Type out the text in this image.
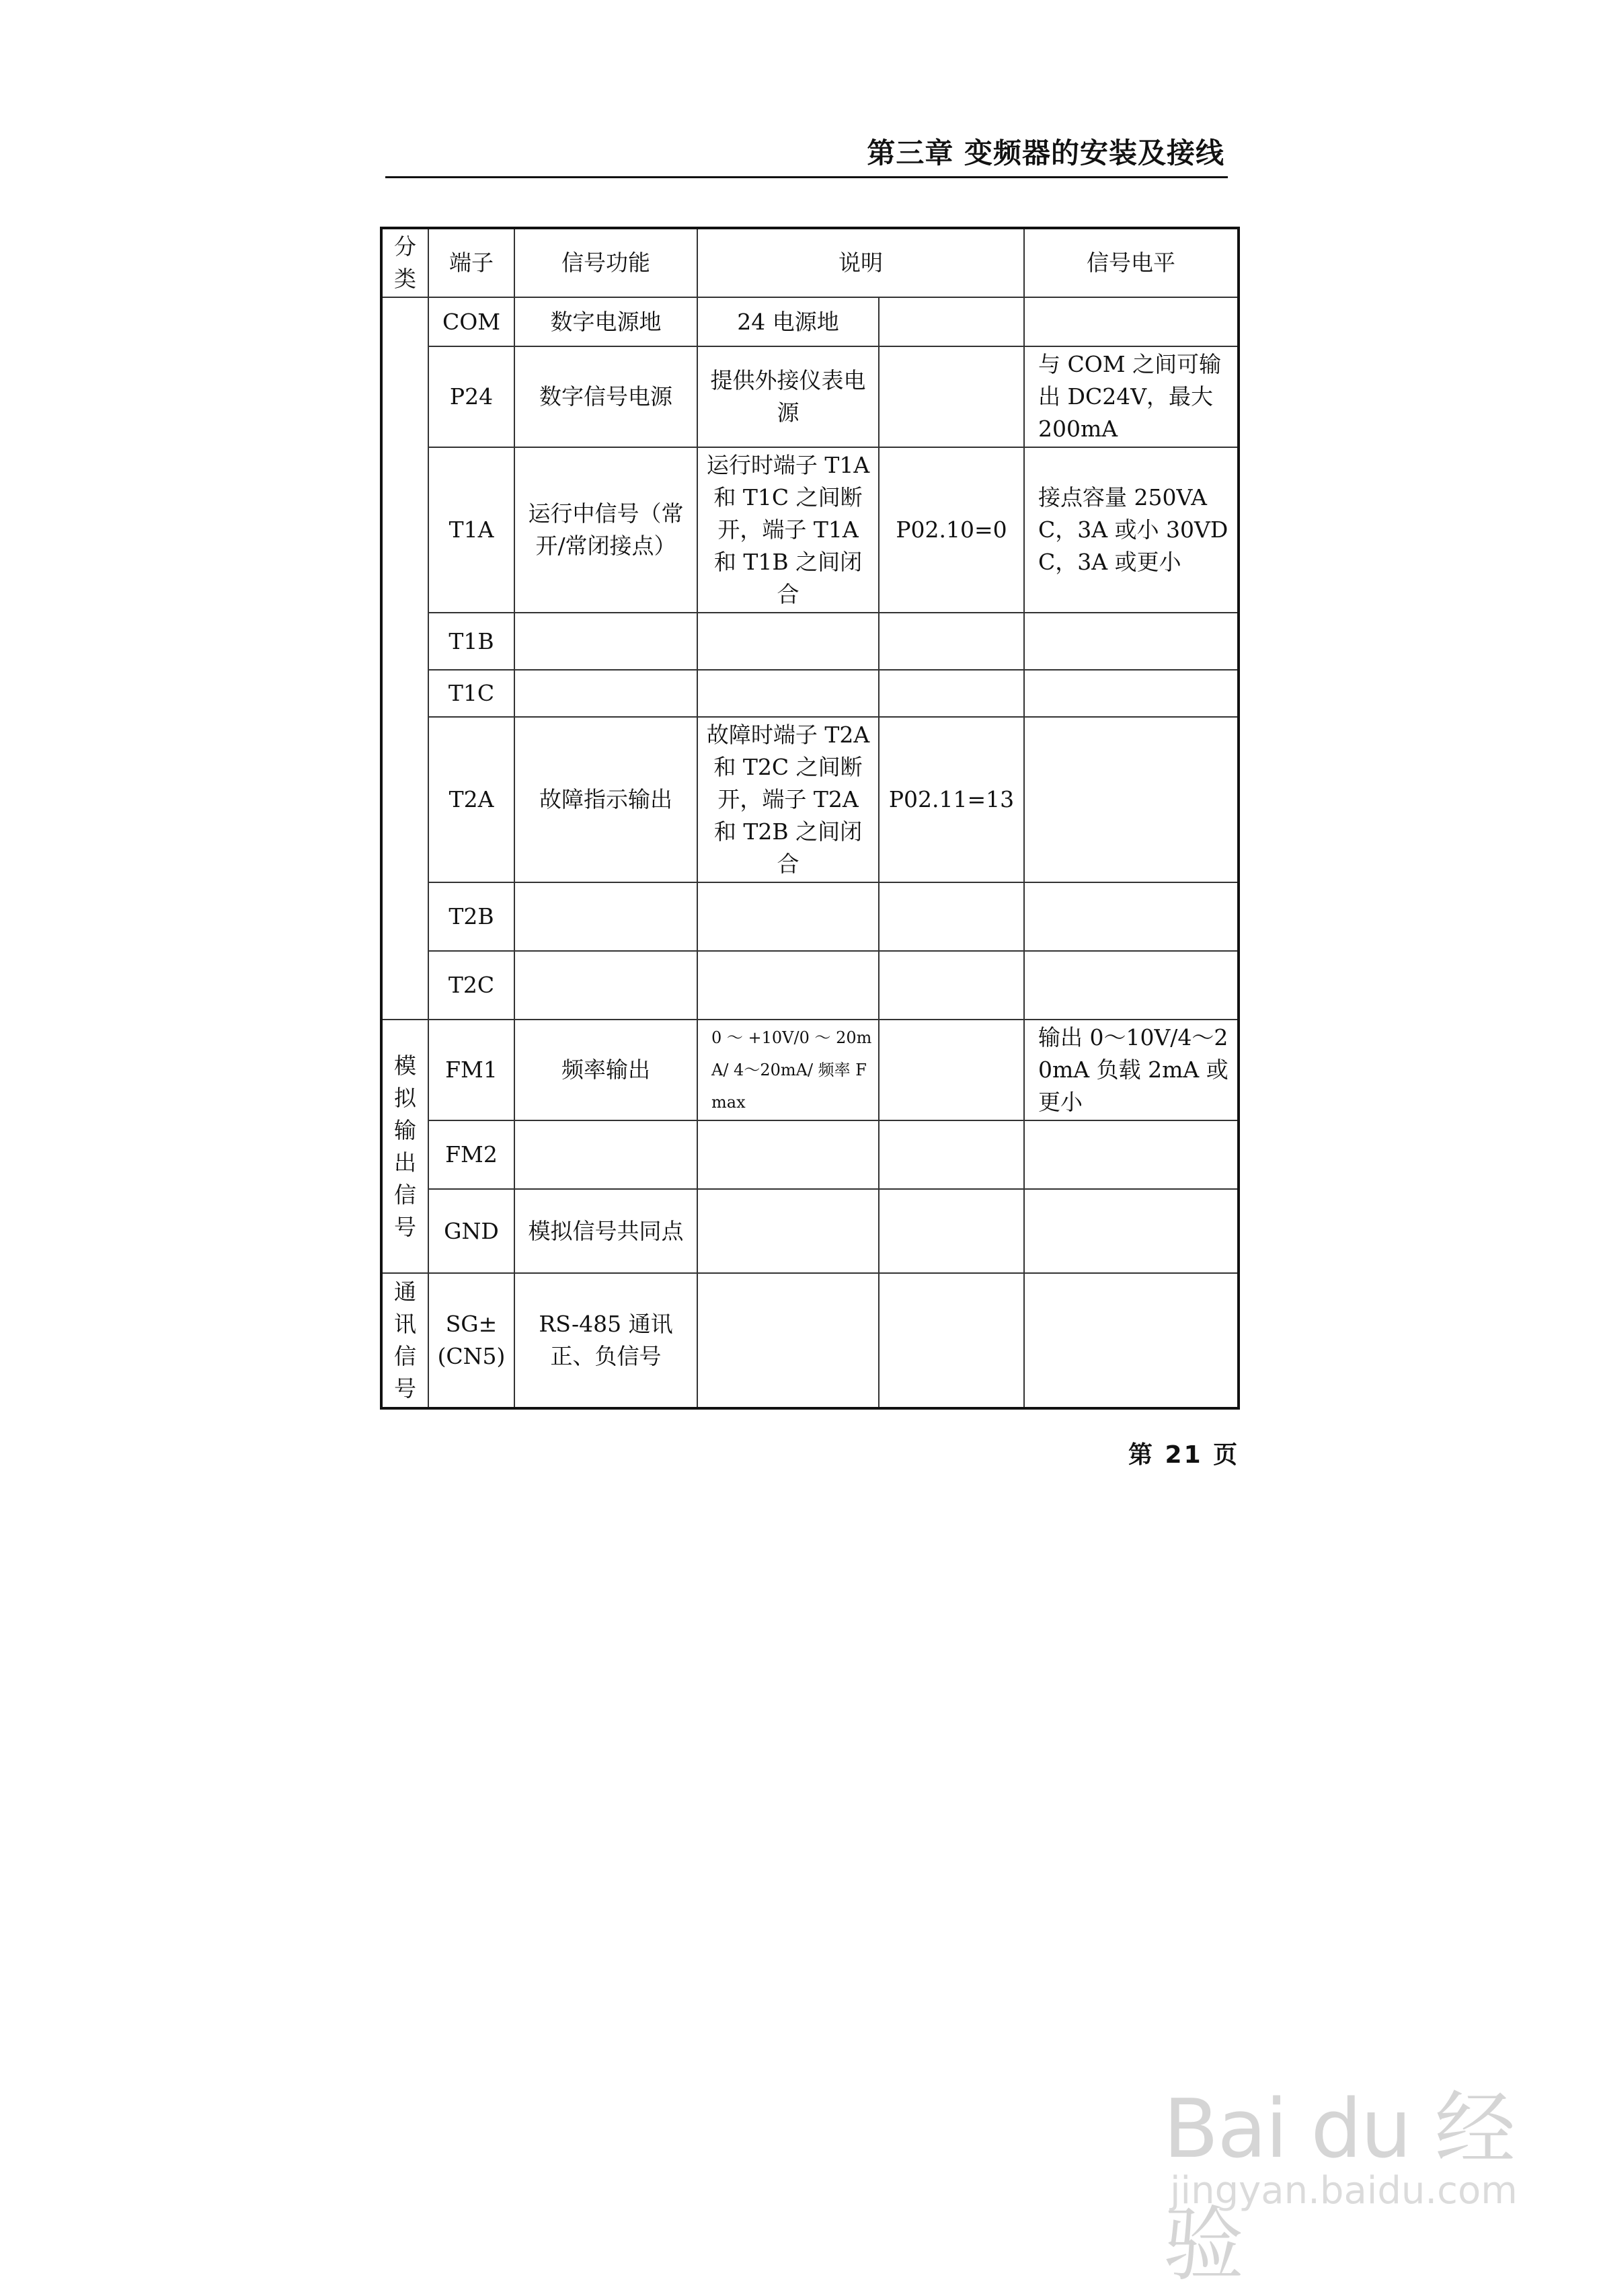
第三章 变频器的安装及接线
分类	端子	信号功能	说明		信号电平
	COM	数字电源地	24 电源地		
	P24	数字信号电源	提供外接仪表电源		与 COM 之间可输出 DC24V，最大 200mA
	T1A	运行中信号（常开/常闭接点）	运行时端子 T1A 和 T1C 之间断开，端子 T1A 和 T1B 之间闭合	P02.10=0	接点容量 250VAC，3A 或小 30VDC，3A 或更小
	T1B				
	T1C				
	T2A	故障指示输出	故障时端子 T2A 和 T2C 之间断开，端子 T2A 和 T2B 之间闭合	P02.11=13	
	T2B				
	T2C				
模拟输出信号	FM1	频率输出	0 ～ +10V/0 ～ 20mA/ 4～20mA/ 频率 Fmax		输出 0～10V/4～20mA 负载 2mA 或更小
	FM2				
	GND	模拟信号共同点			
通讯信号	SG±(CN5)	RS-485 通讯正、负信号			
第 21 页
Bai du 经验
jingyan.baidu.com
